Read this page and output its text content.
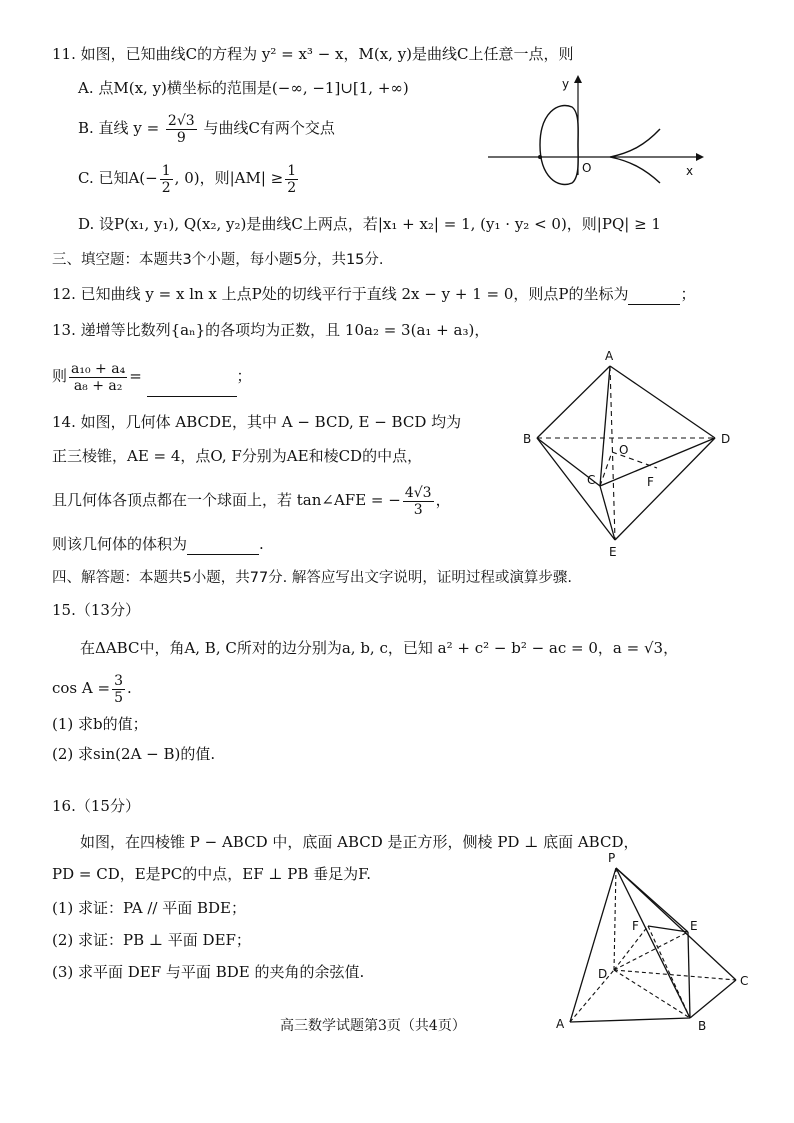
11. 如图，已知曲线C的方程为 y² = x³ − x，M(x, y)是曲线C上任意一点，则
A. 点M(x, y)横坐标的范围是(−∞, −1]∪[1, +∞)
B. 直线 $y = \frac{2√3}{9}$ 与曲线C有两个交点
C. 已知$A(- \frac{1}{2}$ , 0)，则$|AM| \ge \frac{1}{2}$
D. 设P(x₁, y₁), Q(x₂, y₂)是曲线C上两点，若|x₁ + x₂| = 1, (y₁ · y₂ < 0)，则|PQ| ≥ 1
y
O	x
三、填空题：本题共3个小题，每小题5分，共15分.
12. 已知曲线 y = x ln x 上点P处的切线平行于直线 2x − y + 1 = 0，则点P的坐标为	；
13. 递增等比数列{aₙ}的各项均为正数，且 10a₂ = 3(a₁ + a₃)，
则 $\frac{\text{a₁₀ + a₄}}{\text{a₈ + a₂}}$ =	；
14. 如图，几何体 ABCDE，其中 A − BCD, E − BCD 均为
正三棱锥，AE = 4，点O, F分别为AE和棱CD的中点，
且几何体各顶点都在一个球面上，若 tan∠AFE = − $\frac{4√3}{3}$ ，
则该几何体的体积为	.
A
B	D
C
O
F
E
四、解答题：本题共5小题，共77分. 解答应写出文字说明，证明过程或演算步骤.
15.（13分）
在ΔABC中，角A, B, C所对的边分别为a, b, c，已知 a² + c² − b² − ac = 0，a = √3，
$\cos A = \frac{3}{5}$ .
(1) 求b的值；
(2) 求sin(2A − B)的值.
16.（15分）
如图，在四棱锥 P − ABCD 中，底面 ABCD 是正方形，侧棱 PD ⊥ 底面 ABCD，
PD = CD，E是PC的中点，EF ⊥ PB 垂足为F.
(1) 求证：PA // 平面 BDE；
(2) 求证：PB ⊥ 平面 DEF；
(3) 求平面 DEF 与平面 BDE 的夹角的余弦值.
P
F	E
D	C
A	B
高三数学试题第3页（共4页）
